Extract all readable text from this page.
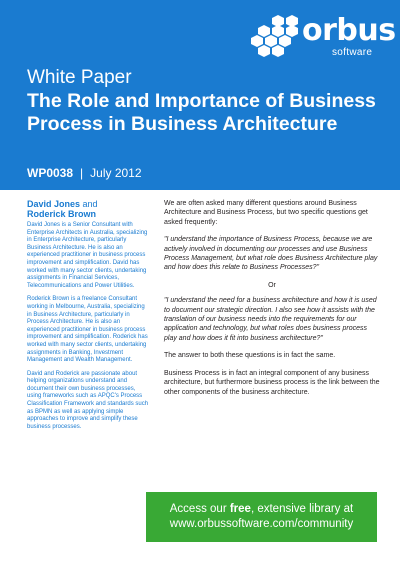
orbus
software
White Paper
The Role and Importance of Business Process in Business Architecture
WP0038 | July 2012
David Jones and
Roderick Brown

David Jones is a Senior Consultant with Enterprise Architects in Australia, specializing in Enterprise Architecture, particularly Business Architecture. He is also an experienced practitioner in business process improvement and simplification. David has worked with many sector clients, undertaking assignments in Financial Services, Telecommunications and Power Utilities.

Roderick Brown is a freelance Consultant working in Melbourne, Australia, specializing in Business Architecture, particularly in Process Architecture. He is also an experienced practitioner in business process improvement and simplification. Roderick has worked with many sector clients, undertaking assignments in Banking, Investment Management and Wealth Management.

David and Roderick are passionate about helping organizations understand and document their own business processes, using frameworks such as APQC's Process Classification Framework and standards such as BPMN as well as applying simple approaches to improve and simplify these business processes.

We are often asked many different questions around Business Architecture and Business Process, but two specific questions get asked frequently:

"I understand the importance of Business Process, because we are actively involved in documenting our processes and use Business Process Management, but what role does Business Architecture play and how does this relate to Business Processes?"

Or

"I understand the need for a business architecture and how it is used to document our strategic direction. I also see how it assists with the translation of our business needs into the requirements for our application and technology, but what roles does business process play and how does it fit into business architecture?"

The answer to both these questions is in fact the same.

Business Process is in fact an integral component of any business architecture, but furthermore business process is the link between the other components of the business architecture.

Access our free, extensive library at
www.orbussoftware.com/community
